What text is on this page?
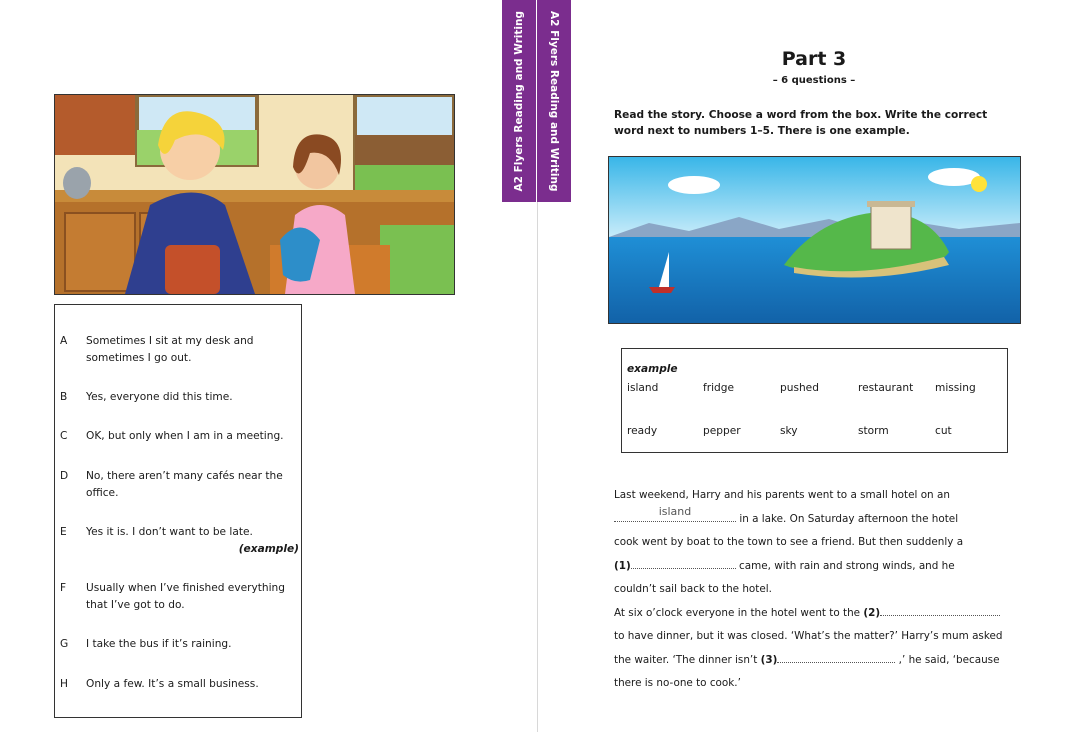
A2 Flyers Reading and Writing A2 Flyers Reading and Writing
A Sometimes I sit at my desk and
sometimes I go out.
B Yes, everyone did this time.
C OK, but only when I am in a meeting.
D No, there aren’t many cafés near the
office.
E Yes it is. I don’t want to be late.
(example)
F Usually when I’ve finished everything
that I’ve got to do.
G I take the bus if it’s raining.
H Only a few. It’s a small business.
Part 3
– 6 questions –
Read the story. Choose a word from the box. Write the correct
word next to numbers 1–5. There is one example.
example
island	fridge	pushed	restaurant missing
ready	pepper	sky	storm	cut
Last weekend, Harry and his parents went to a small hotel on an
island
in a lake. On Saturday afternoon the hotel
cook went by boat to the town to see a friend. But then suddenly a
(1)	came, with rain and strong winds, and he
couldn’t sail back to the hotel.
At six o’clock everyone in the hotel went to the (2)
to have dinner, but it was closed. ‘What’s the matter?’ Harry’s mum asked
the waiter. ‘The dinner isn’t (3)	,’ he said, ‘because
there is no-one to cook.’
